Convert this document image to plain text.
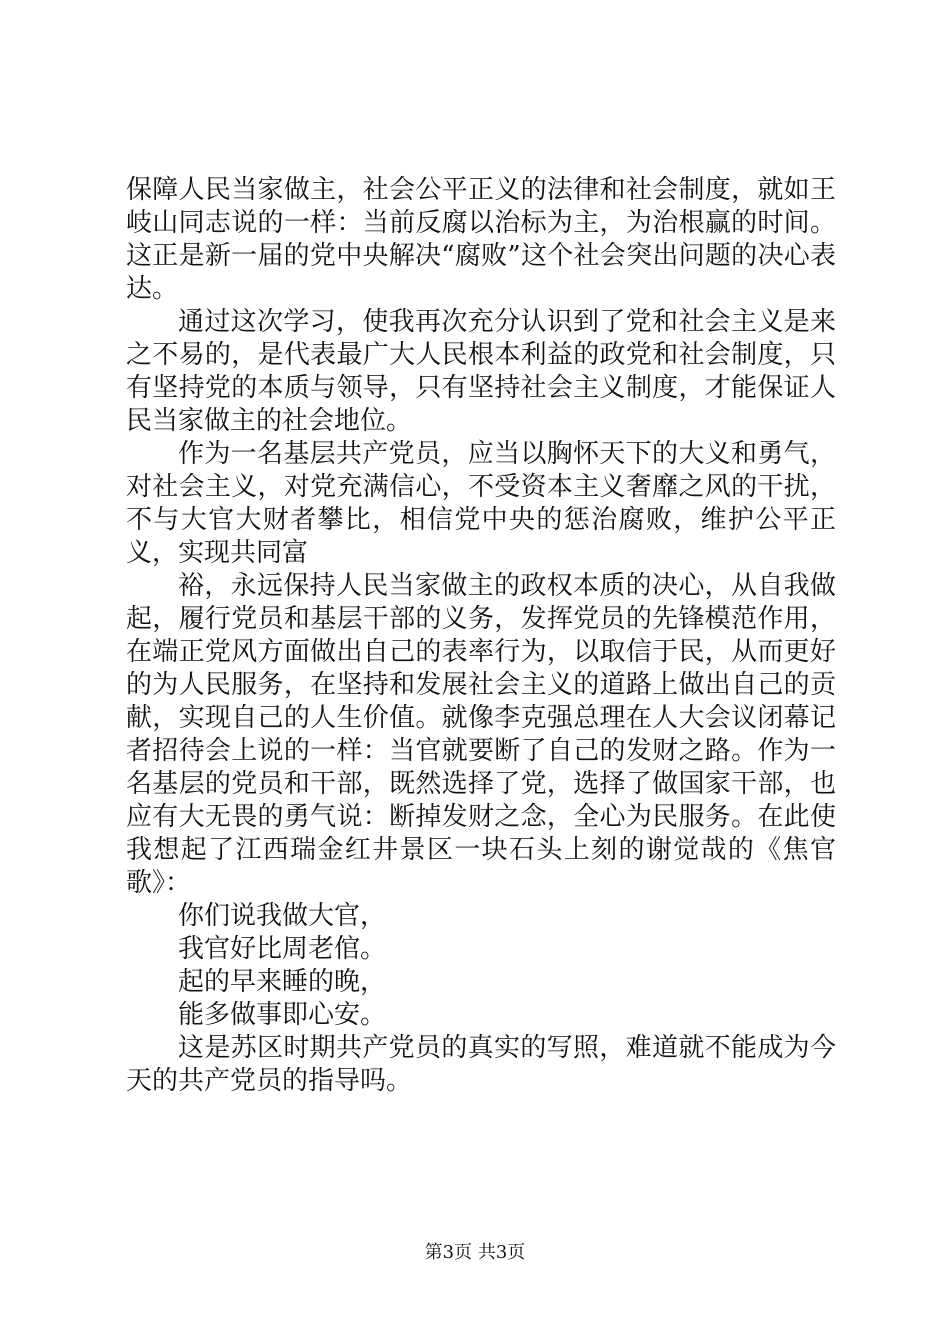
保障人民当家做主，社会公平正义的法律和社会制度，就如王岐山同志说的一样：当前反腐以治标为主，为治根赢的时间。这正是新一届的党中央解决“腐败”这个社会突出问题的决心表达。

通过这次学习，使我再次充分认识到了党和社会主义是来之不易的，是代表最广大人民根本利益的政党和社会制度，只有坚持党的本质与领导，只有坚持社会主义制度，才能保证人民当家做主的社会地位。

作为一名基层共产党员，应当以胸怀天下的大义和勇气，对社会主义，对党充满信心，不受资本主义奢靡之风的干扰，不与大官大财者攀比，相信党中央的惩治腐败，维护公平正义，实现共同富

裕，永远保持人民当家做主的政权本质的决心，从自我做起，履行党员和基层干部的义务，发挥党员的先锋模范作用，在端正党风方面做出自己的表率行为，以取信于民，从而更好的为人民服务，在坚持和发展社会主义的道路上做出自己的贡献，实现自己的人生价值。就像李克强总理在人大会议闭幕记者招待会上说的一样：当官就要断了自己的发财之路。作为一名基层的党员和干部，既然选择了党，选择了做国家干部，也应有大无畏的勇气说：断掉发财之念，全心为民服务。在此使我想起了江西瑞金红井景区一块石头上刻的谢觉哉的《焦官歌》：

你们说我做大官，

我官好比周老倌。

起的早来睡的晚，

能多做事即心安。

这是苏区时期共产党员的真实的写照，难道就不能成为今天的共产党员的指导吗。

第3页 共3页
